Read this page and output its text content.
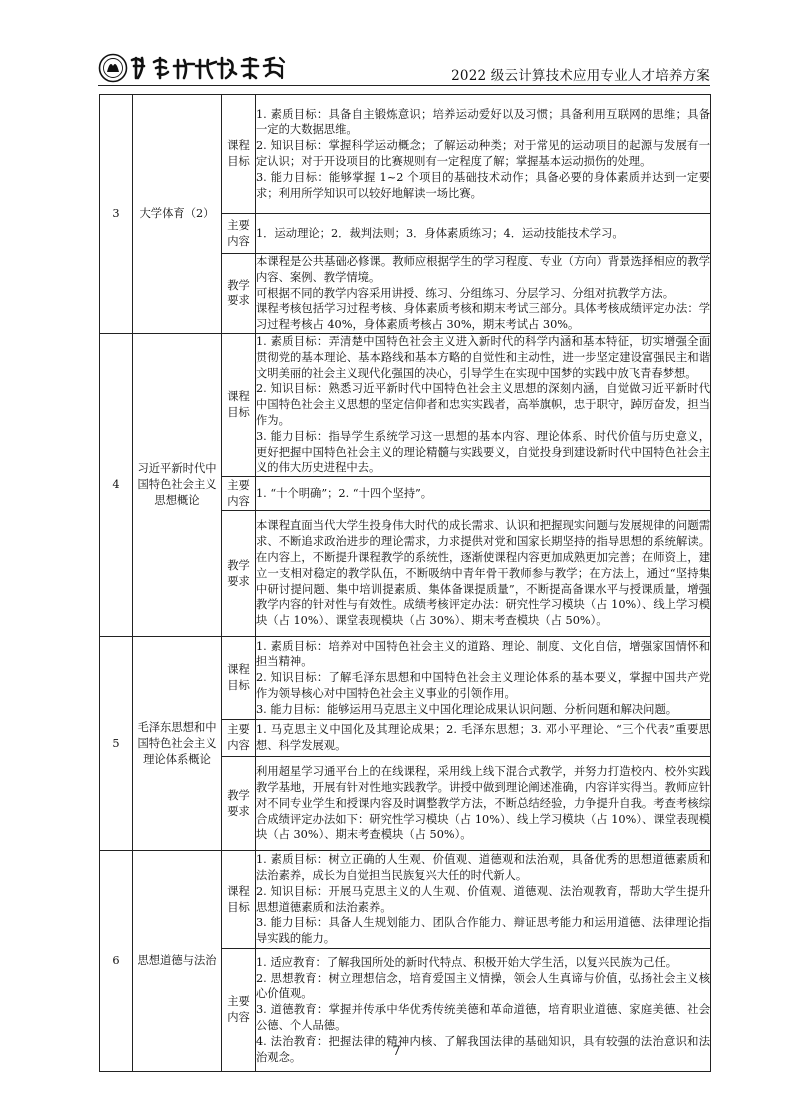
2022 级云计算技术应用专业人才培养方案
3	大学体育（2）	课程目标	1. 素质目标：具备自主锻炼意识；培养运动爱好以及习惯；具备利用互联网的思维；具备一定的大数据思维。

2. 知识目标：掌握科学运动概念；了解运动种类；对于常见的运动项目的起源与发展有一定认识；对于开设项目的比赛规则有一定程度了解；掌握基本运动损伤的处理。

3. 能力目标：能够掌握 1~2 个项目的基础技术动作；具备必要的身体素质并达到一定要求；利用所学知识可以较好地解读一场比赛。

		主要内容	1．运动理论；2．裁判法则；3．身体素质练习；4．运动技能技术学习。

		教学要求	本课程是公共基础必修课。教师应根据学生的学习程度、专业（方向）背景选择相应的教学内容、案例、教学情境。

可根据不同的教学内容采用讲授、练习、分组练习、分层学习、分组对抗教学方法。

课程考核包括学习过程考核、身体素质考核和期末考试三部分。具体考核成绩评定办法：学习过程考核占 40%，身体素质考核占 30%，期末考试占 30%。

4	习近平新时代中国特色社会主义思想概论	课程目标	1. 素质目标：弄清楚中国特色社会主义进入新时代的科学内涵和基本特征，切实增强全面贯彻党的基本理论、基本路线和基本方略的自觉性和主动性，进一步坚定建设富强民主和谐文明美丽的社会主义现代化强国的决心，引导学生在实现中国梦的实践中放飞青春梦想。

2. 知识目标：熟悉习近平新时代中国特色社会主义思想的深刻内涵，自觉做习近平新时代中国特色社会主义思想的坚定信仰者和忠实实践者，高举旗帜，忠于职守，踔厉奋发，担当作为。

3. 能力目标：指导学生系统学习这一思想的基本内容、理论体系、时代价值与历史意义，更好把握中国特色社会主义的理论精髓与实践要义，自觉投身到建设新时代中国特色社会主义的伟大历史进程中去。

		主要内容	1. “十个明确”；2. “十四个坚持”。

		教学要求	本课程直面当代大学生投身伟大时代的成长需求、认识和把握现实问题与发展规律的问题需求、不断追求政治进步的理论需求，力求提供对党和国家长期坚持的指导思想的系统解读。在内容上，不断提升课程教学的系统性，逐渐使课程内容更加成熟更加完善；在师资上，建立一支相对稳定的教学队伍，不断吸纳中青年骨干教师参与教学；在方法上，通过“坚持集中研讨提问题、集中培训提素质、集体备课提质量”，不断提高备课水平与授课质量，增强教学内容的针对性与有效性。成绩考核评定办法：研究性学习模块（占 10%）、线上学习模块（占 10%）、课堂表现模块（占 30%）、期末考查模块（占 50%）。

5	毛泽东思想和中国特色社会主义理论体系概论	课程目标	1. 素质目标：培养对中国特色社会主义的道路、理论、制度、文化自信，增强家国情怀和担当精神。

2. 知识目标：了解毛泽东思想和中国特色社会主义理论体系的基本要义，掌握中国共产党作为领导核心对中国特色社会主义事业的引领作用。

3. 能力目标：能够运用马克思主义中国化理论成果认识问题、分析问题和解决问题。

		主要内容	1. 马克思主义中国化及其理论成果；2. 毛泽东思想；3. 邓小平理论、“三个代表”重要思想、科学发展观。

		教学要求	利用超星学习通平台上的在线课程，采用线上线下混合式教学，并努力打造校内、校外实践教学基地，开展有针对性地实践教学。讲授中做到理论阐述准确，内容详实得当。教师应针对不同专业学生和授课内容及时调整教学方法，不断总结经验，力争提升自我。考查考核综合成绩评定办法如下：研究性学习模块（占 10%）、线上学习模块（占 10%）、课堂表现模块（占 30%）、期末考查模块（占 50%）。

6	思想道德与法治	课程目标	1. 素质目标：树立正确的人生观、价值观、道德观和法治观，具备优秀的思想道德素质和法治素养，成长为自觉担当民族复兴大任的时代新人。

2. 知识目标：开展马克思主义的人生观、价值观、道德观、法治观教育，帮助大学生提升思想道德素质和法治素养。

3. 能力目标：具备人生规划能力、团队合作能力、辩证思考能力和运用道德、法律理论指导实践的能力。

		主要内容	1. 适应教育：了解我国所处的新时代特点、积极开始大学生活，以复兴民族为己任。

2. 思想教育：树立理想信念，培育爱国主义情操，领会人生真谛与价值，弘扬社会主义核心价值观。

3. 道德教育：掌握并传承中华优秀传统美德和革命道德，培育职业道德、家庭美德、社会公德、个人品德。

4. 法治教育：把握法律的精神内核、了解我国法律的基础知识，具有较强的法治意识和法治观念。	7
